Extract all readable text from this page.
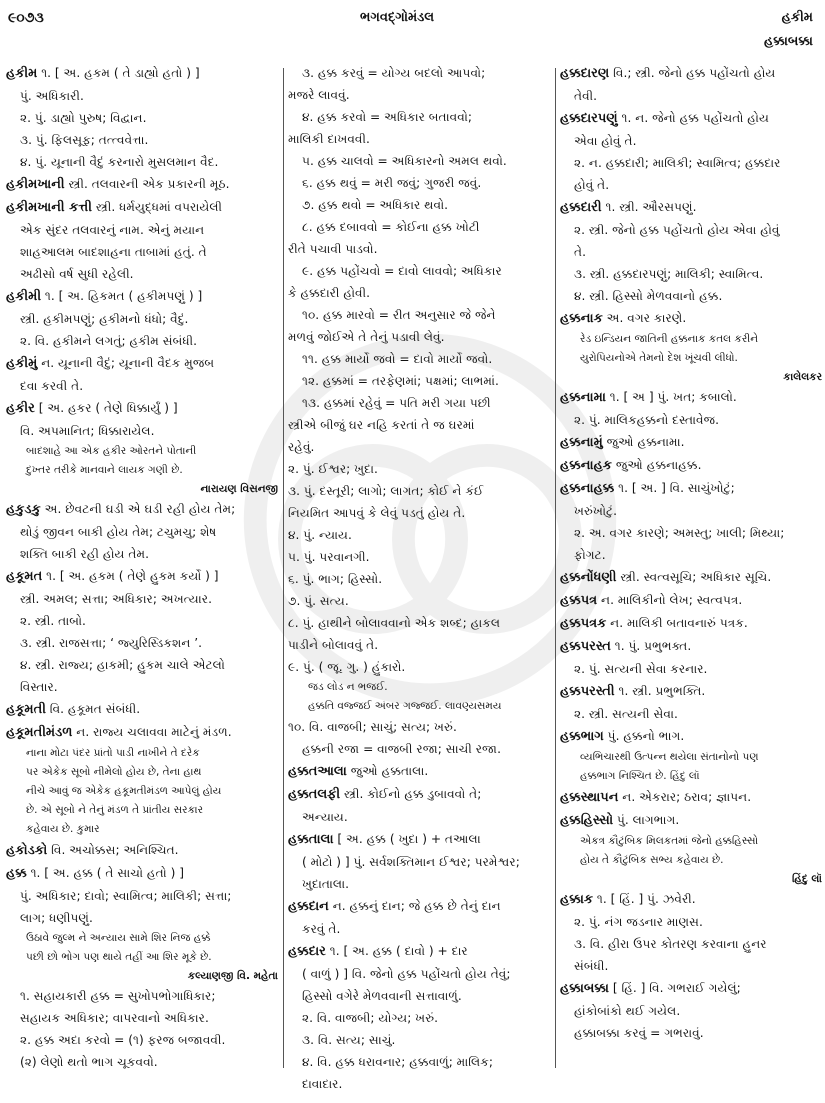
૯૦૭૩	ભગવદ્ગોમંડલ	હકીમ
હક્કાબક્કા
હકીમ ૧. [ અ. હકમ ( તે ડાહ્યો હતો ) ]
પું. અધિકારી.
૨. પું. ડાહ્યો પુરુષ; વિદ્વાન.
૩. પું. ફિલસૂફ; તત્ત્વવેત્તા.
૪. પું. યૂનાની વૈદું કરનારો મુસલમાન વૈદ.
હકીમખાની સ્ત્રી. તલવારની એક પ્રકારની મૂઠ.
હકીમખાની કત્તી સ્ત્રી. ધર્મયુદ્ધમાં વપરાયેલી
એક સુંદર તલવારનું નામ. એનું મયાન
શાહઆલમ બાદશાહના તાબામાં હતું. તે
અઢીસો વર્ષ સુધી રહેલી.
હકીમી ૧. [ અ. હિકમત ( હકીમપણું ) ]
સ્ત્રી. હકીમપણું; હકીમનો ધંધો; વૈદું.
૨. વિ. હકીમને લગતું; હકીમ સંબંધી.
હકીમું ન. યૂનાની વૈદું; યૂનાની વૈદક મુજબ
દવા કરવી તે.
હકીર [ અ. હકર ( તેણે ધિક્કાર્યું ) ]
વિ. અપમાનિત; ધિક્કારાયેલ.
બાદશાહે આ એક હકીર ઓરતને પોતાની
દુખ્તર તરીકે માનવાને લાયક ગણી છે.
નારાયણ વિસનજી
હકુડકુ અ. છેવટની ઘડી એ ઘડી રહી હોય તેમ;
થોડું જીવન બાકી હોય તેમ; ટચુમચુ; શેષ
શક્તિ બાકી રહી હોય તેમ.
હકૂમત ૧. [ અ. હકમ ( તેણે હુકમ કર્યો ) ]
સ્ત્રી. અમલ; સત્તા; અધિકાર; અખત્યાર.
૨. સ્ત્રી. તાબો.
૩. સ્ત્રી. રાજસત્તા; ‘ જ્યુરિસ્ડિકશન ’.
૪. સ્ત્રી. રાજ્ય; હાકમી; હુકમ ચાલે એટલો
વિસ્તાર.
હકૂમતી વિ. હકૂમત સંબંધી.
હકૂમતીમંડળ ન. રાજ્ય ચલાવવા માટેનું મંડળ.
નાના મોટા પંદર પ્રાંતો પાડી નાખીને તે દરેક
પર એકેક સૂબો નીમેલો હોય છે, તેના હાથ
નીચે આવું જ એકેક હકૂમતીમંડળ આપેલું હોય
છે. એ સૂબો ને તેનું મંડળ તે પ્રાંતીય સરકાર
કહેવાય છે. કુમાર
હકોડકો વિ. અચોક્કસ; અનિશ્ચિત.
હક્ક ૧. [ અ. હક્ક ( તે સાચો હતો ) ]
પું. અધિકાર; દાવો; સ્વામિત્વ; માલિકી; સત્તા;
લાગ; ધણીપણું.
ઉઠાવે જુલ્મ ને અન્યાય સામે શિર નિજ હક્કે
પછી છો ભોગ પણ થાયે તહીં આ શિર મૂકે છે.
કલ્યાણજી વિ. મહેતા
૧. સહાયકારી હક્ક = સુખોપભોગાધિકાર;
સહાયક અધિકાર; વાપરવાનો અધિકાર.
૨. હક્ક અદા કરવો = (૧) ફરજ બજાવવી.
(૨) લેણો થતો ભાગ ચૂકવવો.
૩. હક્ક કરવું = યોગ્ય બદલો આપવો;
મજરે લાવવું.
૪. હક્ક કરવો = અધિકાર બતાવવો;
માલિકી દાખવવી.
૫. હક્ક ચાલવો = અધિકારનો અમલ થવો.
૬. હક્ક થવું = મરી જવું; ગુજરી જવું.
૭. હક્ક થવો = અધિકાર થવો.
૮. હક્ક દબાવવો = કોઈના હક્ક ખોટી
રીતે પચાવી પાડવો.
૯. હક્ક પહોંચવો = દાવો લાવવો; અધિકાર
કે હક્કદારી હોવી.
૧૦. હક્ક મારવો = રીત અનુસાર જે જેને
મળવું જોઈએ તે તેનું પડાવી લેવું.
૧૧. હક્ક માર્યો જવો = દાવો માર્યો જવો.
૧૨. હક્કમાં = તરફેણમાં; પક્ષમાં; લાભમાં.
૧૩. હક્કમાં રહેવું = પતિ મરી ગયા પછી
સ્ત્રીએ બીજું ઘર નહિ કરતાં તે જ ઘરમાં
રહેવું.
૨. પું. ઈશ્વર; ખુદા.
૩. પું. દસ્તૂરી; લાગો; લાગત; કોઈ ને કંઈ
નિયમિત આપવું કે લેવું પડતું હોય તે.
૪. પું. ન્યાય.
૫. પું. પરવાનગી.
૬. પું. ભાગ; હિસ્સો.
૭. પું. સત્ય.
૮. પું. હાથીને બોલાવવાનો એક શબ્દ; હાકલ
પાડીને બોલાવવું તે.
૯. પું. ( જૂ. ગુ. ) હુંકારો.
જડ લોડ ન ભજઈ.
હક્કતિ વજ્જઈ અંબર ગજ્જઈ. લાવણ્યસમય
૧૦. વિ. વાજબી; સાચું; સત્ય; ખરું.
હક્કની રજા = વાજબી રજા; સાચી રજા.
હક્કતઆલા જુઓ હક્કતાલા.
હક્કતલફી સ્ત્રી. કોઈનો હક્ક ડુબાવવો તે;
અન્યાય.
હક્કતાલા [ અ. હક્ક ( ખુદા ) + તઆલા
( મોટો ) ] પું. સર્વશક્તિમાન ઈશ્વર; પરમેશ્વર;
ખુદાતાલા.
હક્કદાન ન. હક્કનું દાન; જે હક્ક છે તેનું દાન
કરવું તે.
હક્કદાર ૧. [ અ. હક્ક ( દાવો ) + દાર
( વાળું ) ] વિ. જેનો હક્ક પહોંચતો હોય તેવું;
હિસ્સો વગેરે મેળવવાની સત્તાવાળું.
૨. વિ. વાજબી; યોગ્ય; ખરું.
૩. વિ. સત્ય; સાચું.
૪. વિ. હક્ક ધરાવનાર; હક્કવાળું; માલિક;
દાવાદાર.
હક્કદારણ વિ.; સ્ત્રી. જેનો હક્ક પહોંચતો હોય
તેવી.
હક્કદારપણું ૧. ન. જેનો હક્ક પહોંચતો હોય
એવા હોવું તે.
૨. ન. હક્કદારી; માલિકી; સ્વામિત્વ; હક્કદાર
હોવું તે.
હક્કદારી ૧. સ્ત્રી. ઔરસપણું.
૨. સ્ત્રી. જેનો હક્ક પહોંચતો હોય એવા હોવું
તે.
૩. સ્ત્રી. હક્કદારપણું; માલિકી; સ્વામિત્વ.
૪. સ્ત્રી. હિસ્સો મેળવવાનો હક્ક.
હક્કનાક અ. વગર કારણે.
રેડ ઇન્ડિયન જાતિની હક્કનાક કતલ કરીને
યુરોપિયનોએ તેમનો દેશ ખૂંચવી લીધો.
કાલેલકર
હક્કનામા ૧. [ અ ] પું. ખત; કબાલો.
૨. પું. માલિકહક્કનો દસ્તાવેજ.
હક્કનામું જુઓ હક્કનામા.
હક્કનાહક જુઓ હક્કનાહક્ક.
હક્કનાહક્ક ૧. [ અ. ] વિ. સાચુંખોટું;
ખરુંખોટું.
૨. અ. વગર કારણે; અમસ્તુ; ખાલી; મિથ્યા;
ફોગટ.
હક્કનોંધણી સ્ત્રી. સ્વત્વસૂચિ; અધિકાર સૂચિ.
હક્કપત્ર ન. માલિકીનો લેખ; સ્વત્વપત્ર.
હક્કપત્રક ન. માલિકી બતાવનારું પત્રક.
હક્કપરસ્ત ૧. પું. પ્રભુભક્ત.
૨. પું. સત્યની સેવા કરનાર.
હક્કપરસ્તી ૧. સ્ત્રી. પ્રભુભક્તિ.
૨. સ્ત્રી. સત્યની સેવા.
હક્કભાગ પું. હક્કનો ભાગ.
વ્યભિચારથી ઉત્પન્ન થયેલા સંતાનોનો પણ
હક્કભાગ નિશ્ચિત છે. હિંદુ લૉ
હક્કસ્થાપન ન. એકરાર; ઠરાવ; જ્ઞાપન.
હક્કહિસ્સો પું. લાગભાગ.
એકત્ર કૌટુંબિક મિલકતમાં જેનો હક્કહિસ્સો
હોય તે કૌટુંબિક સભ્ય કહેવાય છે.
હિંદુ લૉ
હક્કાક ૧. [ હિં. ] પું. ઝવેરી.
૨. પું. નંગ જડનાર માણસ.
૩. વિ. હીરા ઉપર કોતરણ કરવાના હુનર
સંબંધી.
હક્કાબક્કા [ હિં. ] વિ. ગભરાઈ ગયેલું;
હાંકોબાંકો થઈ ગયેલ.
હક્કાબક્કા કરવું = ગભરાવું.
